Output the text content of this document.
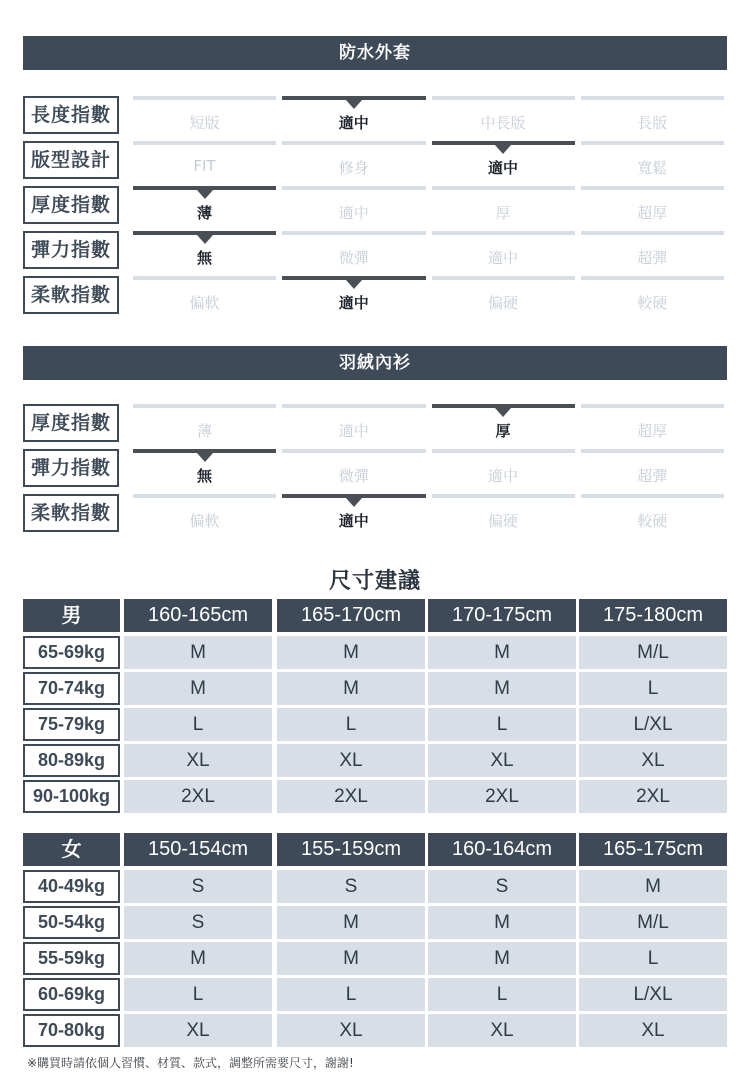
防水外套
長度指數	短版	適中	中長版	長版
版型設計	FIT	修身	適中	寬鬆
厚度指數	薄	適中	厚	超厚
彈力指數	無	微彈	適中	超彈
柔軟指數	偏軟	適中	偏硬	較硬
羽絨內衫
厚度指數	薄	適中	厚	超厚
彈力指數	無	微彈	適中	超彈
柔軟指數	偏軟	適中	偏硬	較硬
尺寸建議
男	160-165cm	165-170cm	170-175cm	175-180cm
65-69kg	M	M	M	M/L
70-74kg	M	M	M	L
75-79kg	L	L	L	L/XL
80-89kg	XL	XL	XL	XL
90-100kg	2XL	2XL	2XL	2XL
女	150-154cm	155-159cm	160-164cm	165-175cm
40-49kg	S	S	S	M
50-54kg	S	M	M	M/L
55-59kg	M	M	M	L
60-69kg	L	L	L	L/XL
70-80kg	XL	XL	XL	XL
※購買時請依個人習慣、材質、款式，調整所需要尺寸，謝謝!
